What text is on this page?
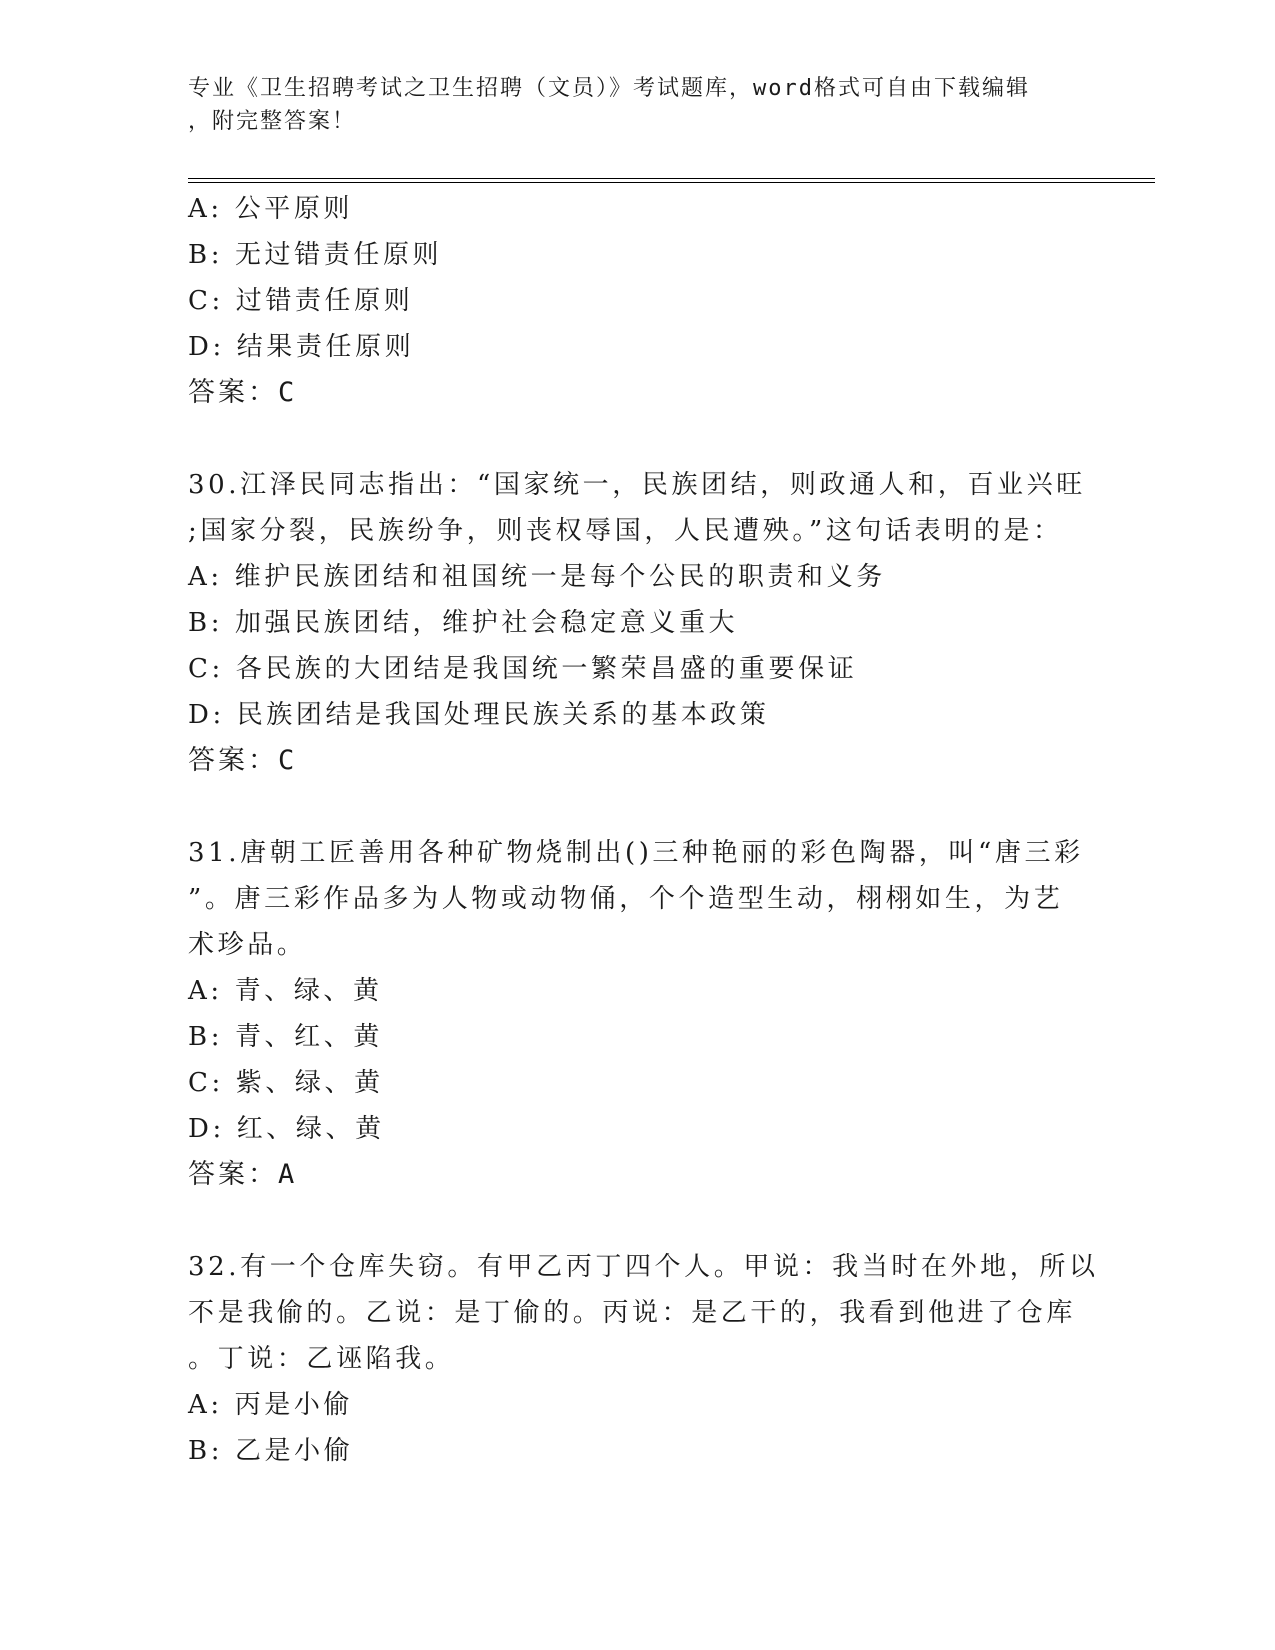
专业《卫生招聘考试之卫生招聘（文员）》考试题库，word格式可自由下载编辑
，附完整答案！
A: 公平原则
B: 无过错责任原则
C: 过错责任原则
D: 结果责任原则
答案：C
30.江泽民同志指出：“国家统一，民族团结，则政通人和，百业兴旺
;国家分裂，民族纷争，则丧权辱国，人民遭殃。”这句话表明的是：
A: 维护民族团结和祖国统一是每个公民的职责和义务
B: 加强民族团结，维护社会稳定意义重大
C: 各民族的大团结是我国统一繁荣昌盛的重要保证
D: 民族团结是我国处理民族关系的基本政策
答案：C
31.唐朝工匠善用各种矿物烧制出()三种艳丽的彩色陶器，叫“唐三彩
”。唐三彩作品多为人物或动物俑，个个造型生动，栩栩如生，为艺
术珍品。
A: 青、绿、黄
B: 青、红、黄
C: 紫、绿、黄
D: 红、绿、黄
答案：A
32.有一个仓库失窃。有甲乙丙丁四个人。甲说：我当时在外地，所以
不是我偷的。乙说：是丁偷的。丙说：是乙干的，我看到他进了仓库
。丁说：乙诬陷我。
A: 丙是小偷
B: 乙是小偷
